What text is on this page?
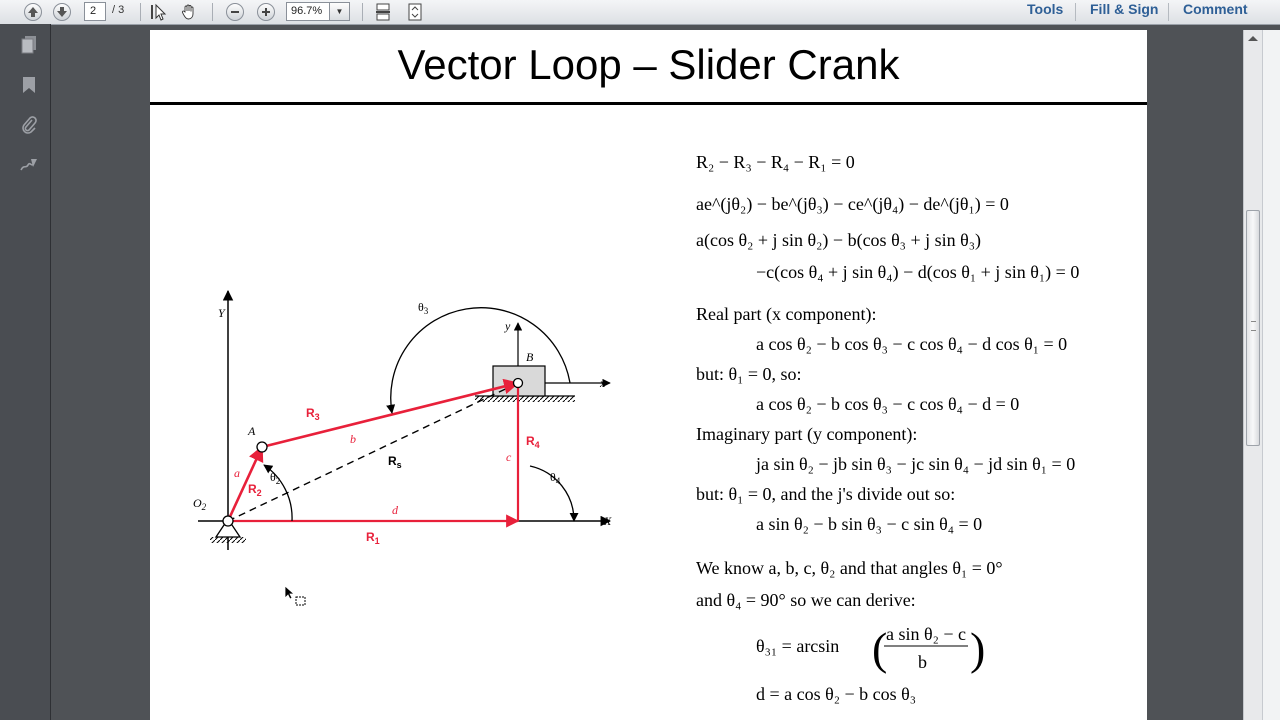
2	/ 3	96.7%	▼	Tools Fill & Sign Comment
Vector Loop – Slider Crank
Y
y
x
X
A
B
$O_2$
a
b
c
d
$R_1$
$R_2$
$R_3$
$R_4$
$R_s$
$\theta_2$
$\theta_3$
$\theta_4$
R₂ − R₃ − R₄ − R₁ = 0
ae^(jθ₂) − be^(jθ₃) − ce^(jθ₄) − de^(jθ₁) = 0
a(cos θ₂ + j sin θ₂) − b(cos θ₃ + j sin θ₃)
−c(cos θ₄ + j sin θ₄) − d(cos θ₁ + j sin θ₁) = 0
Real part (x component):
a cos θ₂ − b cos θ₃ − c cos θ₄ − d cos θ₁ = 0
but: θ₁ = 0, so:
a cos θ₂ − b cos θ₃ − c cos θ₄ − d = 0
Imaginary part (y component):
ja sin θ₂ − jb sin θ₃ − jc sin θ₄ − jd sin θ₁ = 0
but: θ₁ = 0, and the j's divide out so:
a sin θ₂ − b sin θ₃ − c sin θ₄ = 0
We know a, b, c, θ₂ and that angles θ₁ = 0°
and θ₄ = 90° so we can derive:
θ₃₁ = arcsin (
a sin θ₂ − c
b )
d = a cos θ₂ − b cos θ₃
